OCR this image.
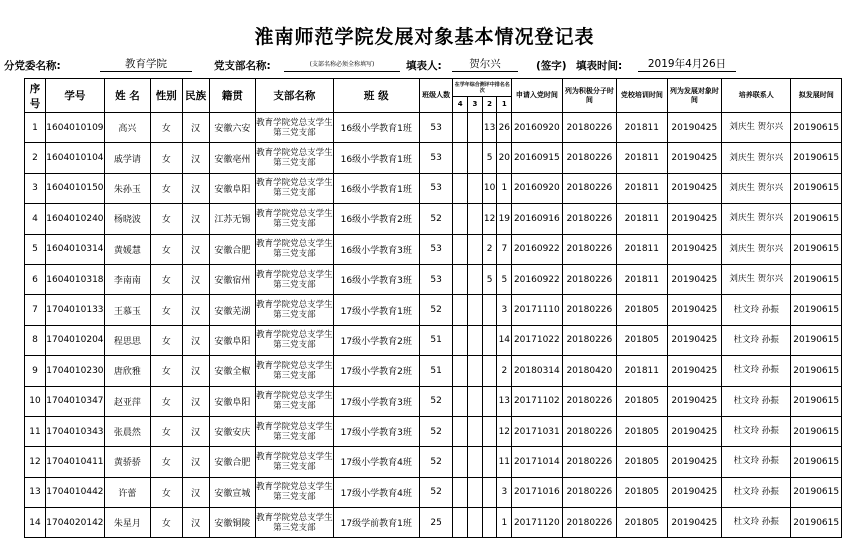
淮南师范学院发展对象基本情况登记表
分党委名称:	教育学院	党支部名称:	(支部名称必须全称填写)	填表人:	贺尔兴	(签字) 填表时间:	2019年4月26日
序号	学号	姓 名	性别	民族	籍贯	支部名称	班 级	班级人数	在学年综合测评中排名名次				申请入党时间	列为积极分子时间	党校培训时间	列为发展对象时间	培养联系人	拟发展时间
									4	3	2	1						
1	1604010109	高兴	女	汉	安徽六安	教育学院党总支学生第三党支部	16级小学教育1班	53			13	26	20160920	20180226	201811	20190425	刘庆生 贺尔兴	20190615
2	1604010104	戚学请	女	汉	安徽亳州	教育学院党总支学生第三党支部	16级小学教育1班	53			5	20	20160915	20180226	201811	20190425	刘庆生 贺尔兴	20190615
3	1604010150	朱孙玉	女	汉	安徽阜阳	教育学院党总支学生第三党支部	16级小学教育1班	53			10	1	20160920	20180226	201811	20190425	刘庆生 贺尔兴	20190615
4	1604010240	杨晓波	女	汉	江苏无锡	教育学院党总支学生第三党支部	16级小学教育2班	52			12	19	20160916	20180226	201811	20190425	刘庆生 贺尔兴	20190615
5	1604010314	黄媛慧	女	汉	安徽合肥	教育学院党总支学生第三党支部	16级小学教育3班	53			2	7	20160922	20180226	201811	20190425	刘庆生 贺尔兴	20190615
6	1604010318	李南南	女	汉	安徽宿州	教育学院党总支学生第三党支部	16级小学教育3班	53			5	5	20160922	20180226	201811	20190425	刘庆生 贺尔兴	20190615
7	1704010133	王慕玉	女	汉	安徽芜湖	教育学院党总支学生第三党支部	17级小学教育1班	52				3	20171110	20180226	201805	20190425	杜文玲 孙振	20190615
8	1704010204	程思思	女	汉	安徽阜阳	教育学院党总支学生第三党支部	17级小学教育2班	51				14	20171022	20180226	201805	20190425	杜文玲 孙振	20190615
9	1704010230	唐欣雅	女	汉	安徽全椒	教育学院党总支学生第三党支部	17级小学教育2班	51				2	20180314	20180420	201811	20190425	杜文玲 孙振	20190615
10	1704010347	赵亚萍	女	汉	安徽阜阳	教育学院党总支学生第三党支部	17级小学教育3班	52				13	20171102	20180226	201805	20190425	杜文玲 孙振	20190615
11	1704010343	张晨然	女	汉	安徽安庆	教育学院党总支学生第三党支部	17级小学教育3班	52				12	20171031	20180226	201805	20190425	杜文玲 孙振	20190615
12	1704010411	黄骄骄	女	汉	安徽合肥	教育学院党总支学生第三党支部	17级小学教育4班	52				11	20171014	20180226	201805	20190425	杜文玲 孙振	20190615
13	1704010442	许蕾	女	汉	安徽宣城	教育学院党总支学生第三党支部	17级小学教育4班	52				3	20171016	20180226	201805	20190425	杜文玲 孙振	20190615
14	1704020142	朱星月	女	汉	安徽铜陵	教育学院党总支学生第三党支部	17级学前教育1班	25				1	20171120	20180226	201805	20190425	杜文玲 孙振	20190615
